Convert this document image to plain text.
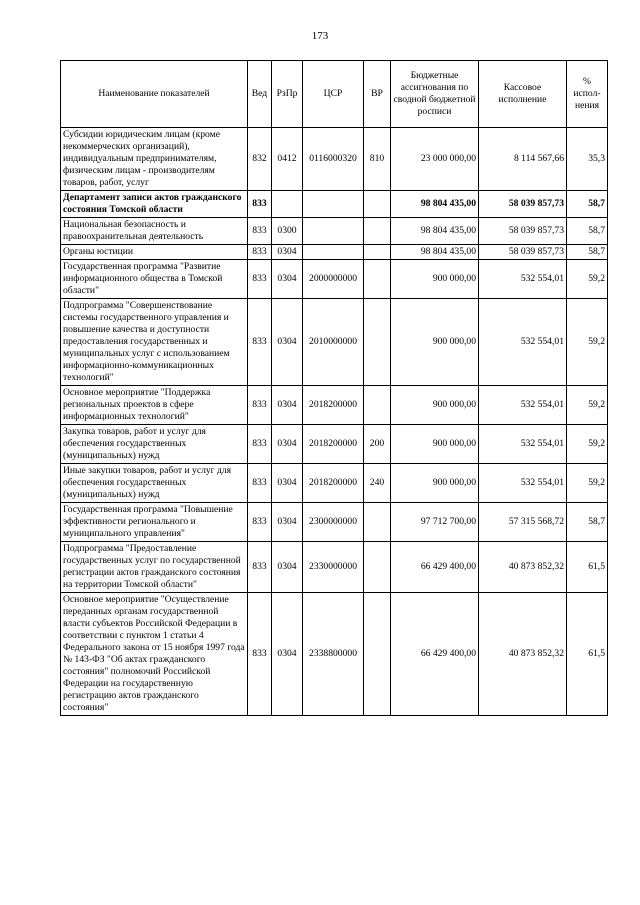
173
Наименование показателей	Вед	РзПр	ЦСР	ВР	Бюджетные ассигнования по сводной бюджетной росписи	Кассовое исполнение	% испол-нения
Субсидии юридическим лицам (кроме некоммерческих организаций), индивидуальным предпринимателям, физическим лицам - производителям товаров, работ, услуг	832	0412	0116000320	810	23 000 000,00	8 114 567,66	35,3
Департамент записи актов гражданского состояния Томской области	833				98 804 435,00	58 039 857,73	58,7
Национальная безопасность и правоохранительная деятельность	833	0300			98 804 435,00	58 039 857,73	58,7
Органы юстиции	833	0304			98 804 435,00	58 039 857,73	58,7
Государственная программа "Развитие информационного общества в Томской области"	833	0304	2000000000		900 000,00	532 554,01	59,2
Подпрограмма "Совершенствование системы государственного управления и повышение качества и доступности предоставления государственных и муниципальных услуг с использованием информационно-коммуникационных технологий"	833	0304	2010000000		900 000,00	532 554,01	59,2
Основное мероприятие "Поддержка региональных проектов в сфере информационных технологий"	833	0304	2018200000		900 000,00	532 554,01	59,2
Закупка товаров, работ и услуг для обеспечения государственных (муниципальных) нужд	833	0304	2018200000	200	900 000,00	532 554,01	59,2
Иные закупки товаров, работ и услуг для обеспечения государственных (муниципальных) нужд	833	0304	2018200000	240	900 000,00	532 554,01	59,2
Государственная программа "Повышение эффективности регионального и муниципального управления"	833	0304	2300000000		97 712 700,00	57 315 568,72	58,7
Подпрограмма "Предоставление государственных услуг по государственной регистрации актов гражданского состояния на территории Томской области"	833	0304	2330000000		66 429 400,00	40 873 852,32	61,5
Основное мероприятие "Осуществление переданных органам государственной власти субъектов Российской Федерации в соответствии с пунктом 1 статьи 4 Федерального закона от 15 ноября 1997 года № 143-ФЗ "Об актах гражданского состояния" полномочий Российской Федерации на государственную регистрацию актов гражданского состояния"	833	0304	2338800000		66 429 400,00	40 873 852,32	61,5
